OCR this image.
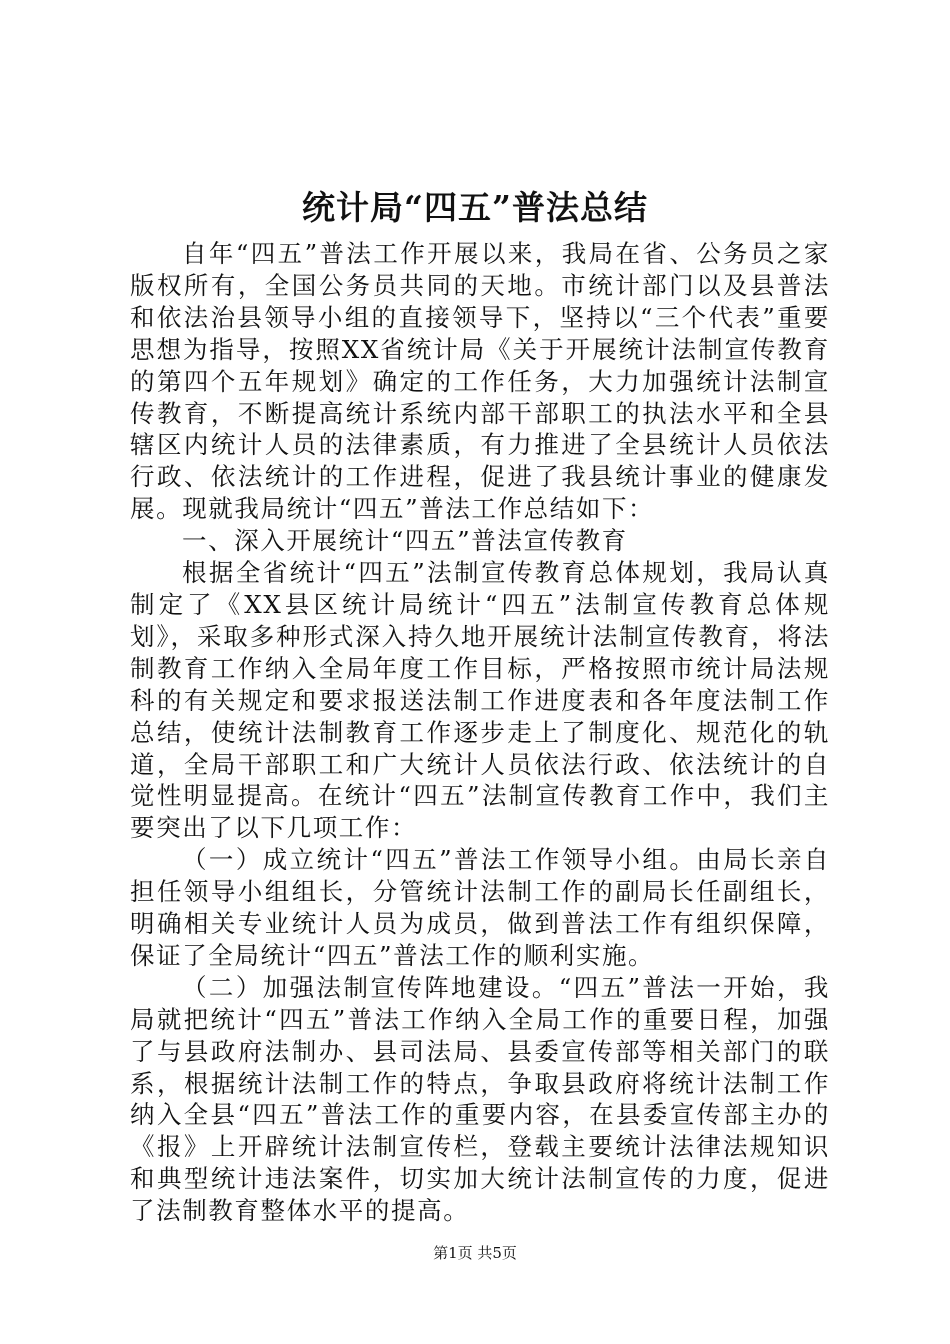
统计局“四五”普法总结

自年“四五”普法工作开展以来，我局在省、公务员之家版权所有，全国公务员共同的天地。市统计部门以及县普法和依法治县领导小组的直接领导下，坚持以“三个代表”重要思想为指导，按照XX省统计局《关于开展统计法制宣传教育的第四个五年规划》确定的工作任务，大力加强统计法制宣传教育，不断提高统计系统内部干部职工的执法水平和全县辖区内统计人员的法律素质，有力推进了全县统计人员依法行政、依法统计的工作进程，促进了我县统计事业的健康发展。现就我局统计“四五”普法工作总结如下：

一、深入开展统计“四五”普法宣传教育

根据全省统计“四五”法制宣传教育总体规划，我局认真制定了《XX县区统计局统计“四五”法制宣传教育总体规划》，采取多种形式深入持久地开展统计法制宣传教育，将法制教育工作纳入全局年度工作目标，严格按照市统计局法规科的有关规定和要求报送法制工作进度表和各年度法制工作总结，使统计法制教育工作逐步走上了制度化、规范化的轨道，全局干部职工和广大统计人员依法行政、依法统计的自觉性明显提高。在统计“四五”法制宣传教育工作中，我们主要突出了以下几项工作：

（一）成立统计“四五”普法工作领导小组。由局长亲自担任领导小组组长，分管统计法制工作的副局长任副组长，明确相关专业统计人员为成员，做到普法工作有组织保障，保证了全局统计“四五”普法工作的顺利实施。

（二）加强法制宣传阵地建设。“四五”普法一开始，我局就把统计“四五”普法工作纳入全局工作的重要日程，加强了与县政府法制办、县司法局、县委宣传部等相关部门的联系，根据统计法制工作的特点，争取县政府将统计法制工作纳入全县“四五”普法工作的重要内容，在县委宣传部主办的《报》上开辟统计法制宣传栏，登载主要统计法律法规知识和典型统计违法案件，切实加大统计法制宣传的力度，促进了法制教育整体水平的提高。

第1页 共5页
